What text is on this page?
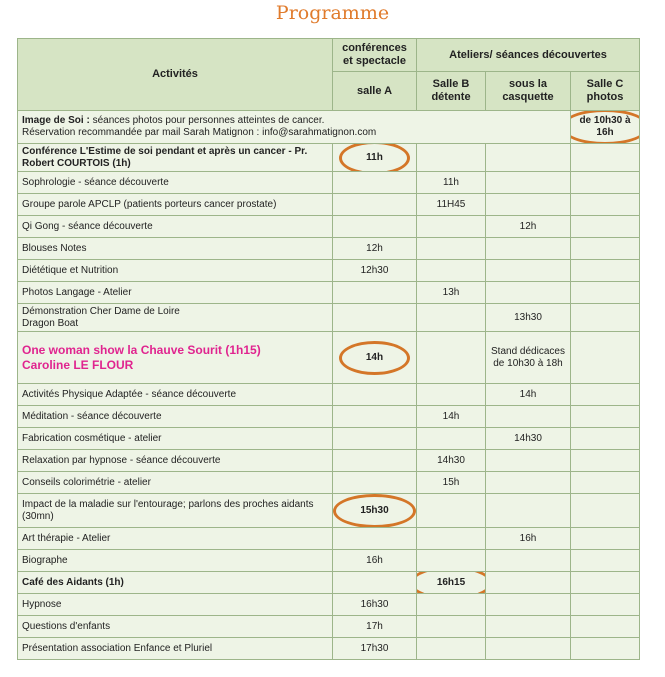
Programme
Activités	conférences et spectacle	Ateliers/ séances découvertes		
	salle A	Salle B détente	sous la casquette	Salle C photos
Image de Soi : séances photos pour personnes atteintes de cancer.
Réservation recommandée par mail Sarah Matignon : info@sarahmatignon.com				de 10h30 à 16h
Conférence L'Estime de soi pendant et après un cancer - Pr. Robert COURTOIS (1h)	11h			
Sophrologie - séance découverte		11h		
Groupe parole APCLP (patients porteurs cancer prostate)		11H45		
Qi Gong - séance découverte			12h	
Blouses Notes	12h			
Diététique et Nutrition	12h30			
Photos Langage - Atelier		13h		
Démonstration Cher Dame de Loire
Dragon Boat			13h30	
One woman show la Chauve Sourit (1h15)
Caroline LE FLOUR	14h		Stand dédicaces de 10h30 à 18h	
Activités Physique Adaptée - séance découverte			14h	
Méditation - séance découverte		14h		
Fabrication cosmétique - atelier			14h30	
Relaxation par hypnose - séance découverte		14h30		
Conseils colorimétrie - atelier		15h		
Impact de la maladie sur l'entourage; parlons des proches aidants (30mn)	15h30			
Art thérapie - Atelier			16h	
Biographe	16h			
Café des Aidants (1h)		16h15		
Hypnose	16h30			
Questions d'enfants	17h			
Présentation association Enfance et Pluriel	17h30			
